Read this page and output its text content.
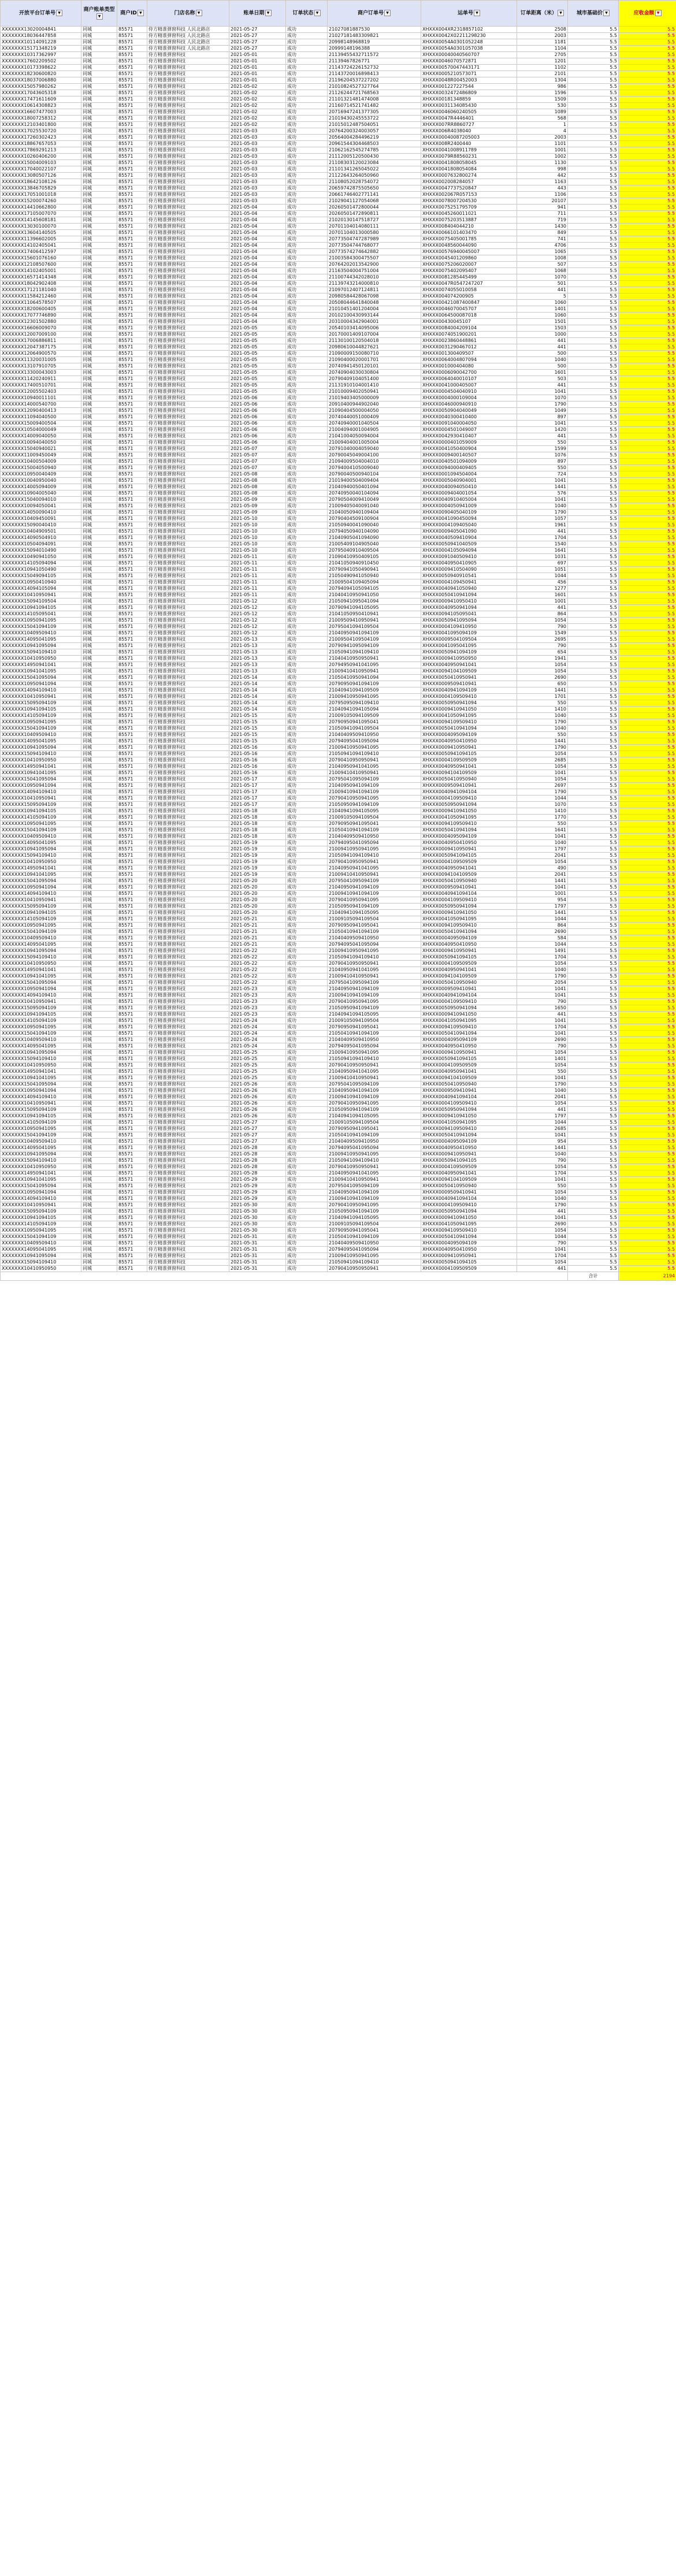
开放平台订单号 ▼	商户账单类型▼	商户ID ▼	门店名称 ▼	账单日期 ▼	订单状态 ▼	商户订单号 ▼	运单号 ▼	订单距离（米） ▼	城市基础价 ▼	应收金额 ▼
XXXXXXX13020004841	同城	85571	侍方精准弹窗科技 人民北路店	2021-05-27	成功	21027081887530	XHXXX004XR2318857102	2508	5.5	5.5
XXXXXXX18036447858	同城	85571	侍方精准弹窗科技 人民北路店	2021-05-27	成功	21027181483309821	XHXXX0042X02211298230	2003	5.5	5.5
XXXXXXX10114091228	同城	85571	侍方精准弹窗科技 人民北路店	2021-05-27	成功	20998148968819	XHXXX0054A0301052248	1181	5.5	5.5
XXXXXXX15171348219	同城	85571	侍方精准弹窗科技 人民北路店	2021-05-27	成功	20999148196388	XHXXX0054A0301057038	1104	5.5	5.5
XXXXXXX10317362997	同城	85571	侍方精准弹窗科技	2021-05-01	成功	21139455432711572	XHXXX00040040560707	2705	5.5	5.5
XXXXXXX17602209502	同城	85571	侍方精准弹窗科技	2021-05-01	成功	21139467826771	XHXXX0046070572871	1201	5.5	5.5
XXXXXXX10173398622	同城	85571	侍方精准弹窗科技	2021-05-01	成功	21143724226152732	XHXXX00570047443171	1102	5.5	5.5
XXXXXXX18230600820	同城	85571	侍方精准弹窗科技	2021-05-01	成功	21143720016898413	XHXXX0005210573071	2101	5.5	5.5
XXXXXXX18037006880	同城	85571	侍方精准弹窗科技	2021-05-01	成功	21196204537227202	XHXXX0048R00452003	1304	5.5	5.5
XXXXXXX15057980262	同城	85571	侍方精准弹窗科技	2021-05-02	成功	21010824527327764	XHXXX001227227544	986	5.5	5.5
XXXXXXX17043605318	同城	85571	侍方精准弹窗科技	2021-05-02	成功	21126244721768563	XHXXX0032472486809	1596	5.5	5.5
XXXXXXX17471611609	同城	85571	侍方精准弹窗科技	2021-05-02	成功	21101321481474008	XHXXX00181348859	1509	5.5	5.5
XXXXXXX10614308823	同城	85571	侍方精准弹窗科技	2021-05-02	成功	21160714521741482	XHXXX0031134085430	530	5.5	5.5
XXXXXXX16607477003	同城	85571	侍方精准弹窗科技	2021-05-02	成功	20716947241377305	XHXXX0046060240505	1089	5.5	5.5
XXXXXXX18007258312	同城	85571	侍方精准弹窗科技	2021-05-02	成功	21019430245553722	XHXXX0047R4446401	568	5.5	5.5
XXXXXXX12103401800	同城	85571	侍方精准弹窗科技	2021-05-02	成功	21015012487504051	XHXXX007RR8860727	1	5.5	5.5
XXXXXXX17025530720	同城	85571	侍方精准弹窗科技	2021-05-03	成功	20764200324003057	XHXXX006R4038040	4	5.5	5.5
XXXXXXX17260302423	同城	85571	侍方精准弹窗科技	2021-05-03	成功	20564004284496219	XHXXX00040087205003	2003	5.5	5.5
XXXXXXX18867657053	同城	85571	侍方精准弹窗科技	2021-05-03	成功	20961544304468503	XHXXX008R2400440	1101	5.5	5.5
XXXXXXX17869291213	同城	85571	侍方精准弹窗科技	2021-05-03	成功	21062162545274785	XHXXX0041008911789	1001	5.5	5.5
XXXXXXX10260406200	同城	85571	侍方精准弹窗科技	2021-05-03	成功	21112005120500430	XHXXX0079R88560231	1002	5.5	5.5
XXXXXXX15004009103	同城	85571	侍方精准弹窗科技	2021-05-03	成功	21108303120023084	XHXXX0041808058045	1130	5.5	5.5
XXXXXXX17040022107	同城	85571	侍方精准弹窗科技	2021-05-03	成功	21101341265045022	XHXXX0041808054084	998	5.5	5.5
XXXXXXX13080507126	同城	85571	侍方精准弹窗科技	2021-05-03	成功	21122643264050960	XHXXX0007632800274	442	5.5	5.5
XXXXXXX18642108126	同城	85571	侍方精准弹窗科技	2021-05-03	成功	21108052028754072	XHXXX002008284057	1163	5.5	5.5
XXXXXXX13846705829	同城	85571	侍方精准弹窗科技	2021-05-03	成功	20659742875505650	XHXXX0047737520847	443	5.5	5.5
XXXXXXX17051001018	同城	85571	侍方精准弹窗科技	2021-05-03	成功	20661746402771141	XHXXX002067R057153	1106	5.5	5.5
XXXXXXX15200074260	同城	85571	侍方精准弹窗科技	2021-05-03	成功	21029041127054068	XHXXX0078007204530	20107	5.5	5.5
XXXXXXX14410662800	同城	85571	侍方精准弹窗科技	2021-05-04	成功	20260501472800044	XHXXX0075251795709	941	5.5	5.5
XXXXXXX17105007070	同城	85571	侍方精准弹窗科技	2021-05-04	成功	20260501472890811	XHXXX0045260011021	711	5.5	5.5
XXXXXXX14145608181	同城	85571	侍方精准弹窗科技	2021-05-04	成功	21020130147518727	XHXXX0075203513887	719	5.5	5.5
XXXXXXX13030100070	同城	85571	侍方精准弹窗科技	2021-05-04	成功	20701104014080111	XHXXX008404044210	1430	5.5	5.5
XXXXXXX13604140505	同城	85571	侍方精准弹窗科技	2021-05-04	成功	20701104013000580	XHXXX0066101403470	849	5.5	5.5
XXXXXXX11396602005	同城	85571	侍方精准弹窗科技	2021-05-04	成功	20773504747287989	XHXXX0075405001785	741	5.5	5.5
XXXXXXX14102405041	同城	85571	侍方精准弹窗科技	2021-05-04	成功	20773504744768077	XHXXX0048560044090	4706	5.5	5.5
XXXXXXX17406412597	同城	85571	侍方精准弹窗科技	2021-05-04	成功	20773574274642882	XHXXX00576940045007	1065	5.5	5.5
XXXXXXX15601076160	同城	85571	侍方精准弹窗科技	2021-05-04	成功	21003584300475507	XHXXX0045401209860	1008	5.5	5.5
XXXXXXX12108507600	同城	85571	侍方精准弹窗科技	2021-05-04	成功	20764202013542900	XHXXX0075206020007	507	5.5	5.5
XXXXXXX14102405001	同城	85571	侍方精准弹窗科技	2021-05-04	成功	21163504004751004	XHXXX0075402095407	1068	5.5	5.5
XXXXXXX16571414348	同城	85571	侍方精准弹窗科技	2021-05-04	成功	21100744342028010	XHXXX0081285445499	1070	5.5	5.5
XXXXXXX18042902408	同城	85571	侍方精准弹窗科技	2021-05-04	成功	21139743214000810	XHXXX0047R0547247207	501	5.5	5.5
XXXXXXX17121181040	同城	85571	侍方精准弹窗科技	2021-05-04	成功	21097012407124811	XHXXX0074055010058	441	5.5	5.5
XXXXXXX11584212460	同城	85571	侍方精准弹窗科技	2021-05-04	成功	20980584428067098	XHXXX004074200905	5	5.5	5.5
XXXXXXX11064578507	同城	85571	侍方精准弹窗科技	2021-05-04	成功	20508044641840048	XHXXX00421087400847	1060	5.5	5.5
XXXXXXX18200600405	同城	85571	侍方精准弹窗科技	2021-05-04	成功	21010451401204004	XHXXX0046070045707	1401	5.5	5.5
XXXXXXX17077746890	同城	85571	侍方精准弹窗科技	2021-05-04	成功	20102100430993144	XHXXX0064500087018	1060	5.5	5.5
XXXXXXX12301502880	同城	85571	侍方精准弹窗科技	2021-05-04	成功	20310004342904001	XHXXX00430045107	1501	5.5	5.5
XXXXXXX16606009070	同城	85571	侍方精准弹窗科技	2021-05-05	成功	20540103414095006	XHXXX0084004209104	1503	5.5	5.5
XXXXXXX12007009100	同城	85571	侍方精准弹窗科技	2021-05-05	成功	20170001409107004	XHXXX0074051900201	1000	5.5	5.5
XXXXXXX17006886811	同城	85571	侍方精准弹窗科技	2021-05-05	成功	21130100120504018	XHXXX0023860448861	441	5.5	5.5
XXXXXXX12047387175	同城	85571	侍方精准弹窗科技	2021-05-05	成功	20980610044827621	XHXXX0031290467012	441	5.5	5.5
XXXXXXX12064900570	同城	85571	侍方精准弹窗科技	2021-05-05	成功	21090009150080710	XHXXX001300409507	500	5.5	5.5
XXXXXXX11320031005	同城	85571	侍方精准弹窗科技	2021-05-05	成功	21090400020001701	XHXXX0064004807094	1040	5.5	5.5
XXXXXXX13107910705	同城	85571	侍方精准弹窗科技	2021-05-05	成功	20740941450120101	XHXXX001000404080	500	5.5	5.5
XXXXXXX13300043003	同城	85571	侍方精准弹窗科技	2021-05-05	成功	20740904030030804	XHXXX0006090042700	1601	5.5	5.5
XXXXXXX11420240911	同城	85571	侍方精准弹窗科技	2021-05-05	成功	20790409104051400	XHXXX0064040010107	503	5.5	5.5
XXXXXXX17400510701	同城	85571	侍方精准弹窗科技	2021-05-05	成功	21131910104001410	XHXXX0041000405007	441	5.5	5.5
XXXXXXX12005502403	同城	85571	侍方精准弹窗科技	2021-05-05	成功	21010009402050941	XHXXX0004504040910	1041	5.5	5.5
XXXXXXX10940011101	同城	85571	侍方精准弹窗科技	2021-05-06	成功	21019403405000009	XHXXX0004000109004	1070	5.5	5.5
XXXXXXX14000540700	同城	85571	侍方精准弹窗科技	2021-05-06	成功	20910400944902040	XHXXX0046000940910	1790	5.5	5.5
XXXXXXX12090400413	同城	85571	侍方精准弹窗科技	2021-05-06	成功	21090404500004050	XHXXX0050904040049	1049	5.5	5.5
XXXXXXX11094040500	同城	85571	侍方精准弹窗科技	2021-05-06	成功	20740440051000409	XHXXX0040300410400	897	5.5	5.5
XXXXXXX15009400504	同城	85571	侍方精准弹窗科技	2021-05-06	成功	20740940001040504	XHXXX0091040004050	1041	5.5	5.5
XXXXXXX10504000049	同城	85571	侍方精准弹窗科技	2021-05-06	成功	21004094001004905	XHXXX0004501049007	1420	5.5	5.5
XXXXXXX14009040050	同城	85571	侍方精准弹窗科技	2021-05-06	成功	21041004050094004	XHXXX0042930410407	441	5.5	5.5
XXXXXXX10094040050	同城	85571	侍方精准弹窗科技	2021-05-06	成功	21009404001005004	XHXXX0000401059009	550	5.5	5.5
XXXXXXX15040940021	同城	85571	侍方精准弹窗科技	2021-05-07	成功	20791040004059040	XHXXX0041050400904	1599	5.5	5.5
XXXXXXX11009450049	同城	85571	侍方精准弹窗科技	2021-05-07	成功	20790045049004100	XHXXX0009400140507	1076	5.5	5.5
XXXXXXX10400504009	同城	85571	侍方精准弹窗科技	2021-05-07	成功	21094009504004010	XHXXX0040501094009	897	5.5	5.5
XXXXXXX15004050940	同城	85571	侍方精准弹窗科技	2021-05-07	成功	20794004105009040	XHXXX0094000409405	550	5.5	5.5
XXXXXXX10950040409	同城	85571	侍方精准弹窗科技	2021-05-08	成功	20790040500940104	XHXXX0001094504004	724	5.5	5.5
XXXXXXX10040950040	同城	85571	侍方精准弹窗科技	2021-05-08	成功	21019400504009404	XHXXX0005040904001	1041	5.5	5.5
XXXXXXX14005094009	同城	85571	侍方精准弹窗科技	2021-05-08	成功	21040940050401094	XHXXX0040094050410	1441	5.5	5.5
XXXXXXX10904005040	同城	85571	侍方精准弹窗科技	2021-05-08	成功	20740950040104094	XHXXX0009404001054	576	5.5	5.5
XXXXXXX15040094010	同城	85571	侍方精准弹窗科技	2021-05-09	成功	20790504009410049	XHXXX0040910405004	1041	5.5	5.5
XXXXXXX10094050041	同城	85571	侍方精准弹窗科技	2021-05-09	成功	21009405040091040	XHXXX0004050941009	1040	5.5	5.5
XXXXXXX14050090410	同城	85571	侍方精准弹窗科技	2021-05-09	成功	21040050940109404	XHXXX0090405040109	1790	5.5	5.5
XXXXXXX10409450091	同城	85571	侍方精准弹窗科技	2021-05-10	成功	20790404509100904	XHXXX0041090450094	1057	5.5	5.5
XXXXXXX15090040410	同城	85571	侍方精准弹窗科技	2021-05-10	成功	21050940041090040	XHXXX0004109405040	1961	5.5	5.5
XXXXXXX10404909501	同城	85571	侍方精准弹窗科技	2021-05-10	成功	20794050940104090	XHXXX0009405041090	441	5.5	5.5
XXXXXXX14090504910	同城	85571	侍方精准弹窗科技	2021-05-10	成功	21040905041094090	XHXXX0040509410904	1704	5.5	5.5
XXXXXXX10504094091	同城	85571	侍方精准弹窗科技	2021-05-10	成功	21005409104905040	XHXXX0050941040509	1540	5.5	5.5
XXXXXXX15094010490	同城	85571	侍方精准弹窗科技	2021-05-10	成功	20795040910409504	XHXXX0004105094094	1641	5.5	5.5
XXXXXXX10490941050	同城	85571	侍方精准弹窗科技	2021-05-11	成功	21090410950409105	XHXXX0091040509410	1031	5.5	5.5
XXXXXXX14105094094	同城	85571	侍方精准弹窗科技	2021-05-11	成功	21041050940910450	XHXXX0040950410905	697	5.5	5.5
XXXXXXX10941050490	同城	85571	侍方精准弹窗科技	2021-05-11	成功	20790941050490941	XHXXX0009410504090	1051	5.5	5.5
XXXXXXX15049094105	同城	85571	侍方精准弹窗科技	2021-05-11	成功	21050490941050940	XHXXX0050940910541	1044	5.5	5.5
XXXXXXX10950410940	同城	85571	侍方精准弹窗科技	2021-05-11	成功	21009504109405094	XHXXX0004109450941	456	5.5	5.5
XXXXXXX14094105094	同城	85571	侍方精准弹窗科技	2021-05-11	成功	20794094105094105	XHXXX0040941050940	1277	5.5	5.5
XXXXXXX10410950941	同城	85571	侍方精准弹窗科技	2021-05-11	成功	21040410950941050	XHXXX0050410941094	1601	5.5	5.5
XXXXXXX15094109504	同城	85571	侍方精准弹窗科技	2021-05-12	成功	21050941095041094	XHXXX0009410950410	1001	5.5	5.5
XXXXXXX10941094105	同城	85571	侍方精准弹窗科技	2021-05-12	成功	20790941094105095	XHXXX0040950941094	441	5.5	5.5
XXXXXXX14105095041	同城	85571	侍方精准弹窗科技	2021-05-12	成功	21041050950410941	XHXXX0094105095041	864	5.5	5.5
XXXXXXX10950941095	同城	85571	侍方精准弹窗科技	2021-05-12	成功	21009509410950941	XHXXX0050941095094	1054	5.5	5.5
XXXXXXX15041094109	同城	85571	侍方精准弹窗科技	2021-05-12	成功	20795041094109504	XHXXX0004109410950	790	5.5	5.5
XXXXXXX10409509410	同城	85571	侍方精准弹窗科技	2021-05-12	成功	21040950941094109	XHXXX0041095094109	1549	5.5	5.5
XXXXXXX14095041095	同城	85571	侍方精准弹窗科技	2021-05-13	成功	21009504109504109	XHXXX0009504109504	2695	5.5	5.5
XXXXXXX10941095094	同城	85571	侍方精准弹窗科技	2021-05-13	成功	20790941095094109	XHXXX0041095041095	790	5.5	5.5
XXXXXXX15094109410	同城	85571	侍方精准弹窗科技	2021-05-13	成功	21050941094109410	XHXXX0050941094109	654	5.5	5.5
XXXXXXX10410950950	同城	85571	侍方精准弹窗科技	2021-05-13	成功	21040410950950941	XHXXX0009410950950	1941	5.5	5.5
XXXXXXX14950941041	同城	85571	侍方精准弹窗科技	2021-05-13	成功	20794950941041095	XHXXX0040950941041	1054	5.5	5.5
XXXXXXX10941041095	同城	85571	侍方精准弹窗科技	2021-05-13	成功	21009410410950941	XHXXX0094104109509	1054	5.5	5.5
XXXXXXX15041095094	同城	85571	侍方精准弹窗科技	2021-05-14	成功	21050410950941094	XHXXX0050410950941	2690	5.5	5.5
XXXXXXX10950941094	同城	85571	侍方精准弹窗科技	2021-05-14	成功	20790950941094109	XHXXX0009509410941	650	5.5	5.5
XXXXXXX14094109410	同城	85571	侍方精准弹窗科技	2021-05-14	成功	21040941094109509	XHXXX0040941094109	1441	5.5	5.5
XXXXXXX10410950941	同城	85571	侍方精准弹窗科技	2021-05-14	成功	21009410950941095	XHXXX0004109509410	1701	5.5	5.5
XXXXXXX15095094109	同城	85571	侍方精准弹窗科技	2021-05-14	成功	20795095094109410	XHXXX0050950941094	550	5.5	5.5
XXXXXXX10941094105	同城	85571	侍方精准弹窗科技	2021-05-14	成功	21040941094105094	XHXXX0009410941050	1410	5.5	5.5
XXXXXXX14105094109	同城	85571	侍方精准弹窗科技	2021-05-15	成功	21009105094109509	XHXXX0041050941095	1040	5.5	5.5
XXXXXXX10950941095	同城	85571	侍方精准弹窗科技	2021-05-15	成功	20790950941095041	XHXXX0094109509410	1790	5.5	5.5
XXXXXXX15041094109	同城	85571	侍方精准弹窗科技	2021-05-15	成功	21050941094109504	XHXXX0050410941094	1040	5.5	5.5
XXXXXXX10409509410	同城	85571	侍方精准弹窗科技	2021-05-15	成功	21040409509410950	XHXXX0004095094109	550	5.5	5.5
XXXXXXX14095041095	同城	85571	侍方精准弹窗科技	2021-05-15	成功	20794095041095094	XHXXX0040950410950	1441	5.5	5.5
XXXXXXX10941095094	同城	85571	侍方精准弹窗科技	2021-05-16	成功	21009410950941095	XHXXX0009410950941	1790	5.5	5.5
XXXXXXX15094109410	同城	85571	侍方精准弹窗科技	2021-05-16	成功	21050941094109410	XHXXX0050941094105	1054	5.5	5.5
XXXXXXX10410950950	同城	85571	侍方精准弹窗科技	2021-05-16	成功	20790410950950941	XHXXX0004109509509	2685	5.5	5.5
XXXXXXX14950941041	同城	85571	侍方精准弹窗科技	2021-05-16	成功	21040950941041095	XHXXX0040950941041	1054	5.5	5.5
XXXXXXX10941041095	同城	85571	侍方精准弹窗科技	2021-05-16	成功	21009410410950941	XHXXX0094104109509	1041	5.5	5.5
XXXXXXX15041095094	同城	85571	侍方精准弹窗科技	2021-05-17	成功	20795041095094109	XHXXX0050410950940	1054	5.5	5.5
XXXXXXX10950941094	同城	85571	侍方精准弹窗科技	2021-05-17	成功	21040950941094109	XHXXX0009509410941	2697	5.5	5.5
XXXXXXX14094109410	同城	85571	侍方精准弹窗科技	2021-05-17	成功	21009410941094109	XHXXX0040941094104	1790	5.5	5.5
XXXXXXX10410950941	同城	85571	侍方精准弹窗科技	2021-05-17	成功	20790410950941095	XHXXX0004109509410	1044	5.5	5.5
XXXXXXX15095094109	同城	85571	侍方精准弹窗科技	2021-05-17	成功	21050950941094109	XHXXX0050950941094	1070	5.5	5.5
XXXXXXX10941094105	同城	85571	侍方精准弹窗科技	2021-05-18	成功	21040941094105095	XHXXX0009410941050	1410	5.5	5.5
XXXXXXX14105094109	同城	85571	侍方精准弹窗科技	2021-05-18	成功	21009105094109504	XHXXX0041050941095	1770	5.5	5.5
XXXXXXX10950941095	同城	85571	侍方精准弹窗科技	2021-05-18	成功	20790950941095041	XHXXX0094109509410	550	5.5	5.5
XXXXXXX15041094109	同城	85571	侍方精准弹窗科技	2021-05-18	成功	21050410941094109	XHXXX0050410941094	1641	5.5	5.5
XXXXXXX10409509410	同城	85571	侍方精准弹窗科技	2021-05-18	成功	21040409509410950	XHXXX0004095094109	1041	5.5	5.5
XXXXXXX14095041095	同城	85571	侍方精准弹窗科技	2021-05-19	成功	20794095041095094	XHXXX0040950410950	1040	5.5	5.5
XXXXXXX10941095094	同城	85571	侍方精准弹窗科技	2021-05-19	成功	21009410950941095	XHXXX0009410950941	1797	5.5	5.5
XXXXXXX15094109410	同城	85571	侍方精准弹窗科技	2021-05-19	成功	21050941094109410	XHXXX0050941094105	2041	5.5	5.5
XXXXXXX10410950950	同城	85571	侍方精准弹窗科技	2021-05-19	成功	20790410950950941	XHXXX0004109509509	1054	5.5	5.5
XXXXXXX14950941041	同城	85571	侍方精准弹窗科技	2021-05-19	成功	21040950941041095	XHXXX0040950941041	490	5.5	5.5
XXXXXXX10941041095	同城	85571	侍方精准弹窗科技	2021-05-19	成功	21009410410950941	XHXXX0094104109509	2041	5.5	5.5
XXXXXXX15041095094	同城	85571	侍方精准弹窗科技	2021-05-20	成功	20795041095094109	XHXXX0050410950940	1441	5.5	5.5
XXXXXXX10950941094	同城	85571	侍方精准弹窗科技	2021-05-20	成功	21040950941094109	XHXXX0009509410941	1041	5.5	5.5
XXXXXXX14094109410	同城	85571	侍方精准弹窗科技	2021-05-20	成功	21009410941094109	XHXXX0040941094104	1001	5.5	5.5
XXXXXXX10410950941	同城	85571	侍方精准弹窗科技	2021-05-20	成功	20790410950941095	XHXXX0004109509410	954	5.5	5.5
XXXXXXX15095094109	同城	85571	侍方精准弹窗科技	2021-05-20	成功	21050950941094109	XHXXX0050950941094	1797	5.5	5.5
XXXXXXX10941094105	同城	85571	侍方精准弹窗科技	2021-05-20	成功	21040941094105095	XHXXX0009410941050	1441	5.5	5.5
XXXXXXX14105094109	同城	85571	侍方精准弹窗科技	2021-05-21	成功	21009105094109504	XHXXX0041050941095	1044	5.5	5.5
XXXXXXX10950941095	同城	85571	侍方精准弹窗科技	2021-05-21	成功	20790950941095041	XHXXX0094109509410	864	5.5	5.5
XXXXXXX15041094109	同城	85571	侍方精准弹窗科技	2021-05-21	成功	21050410941094109	XHXXX0050410941094	2690	5.5	5.5
XXXXXXX10409509410	同城	85571	侍方精准弹窗科技	2021-05-21	成功	21040409509410950	XHXXX0004095094109	584	5.5	5.5
XXXXXXX14095041095	同城	85571	侍方精准弹窗科技	2021-05-21	成功	20794095041095094	XHXXX0040950410950	1044	5.5	5.5
XXXXXXX10941095094	同城	85571	侍方精准弹窗科技	2021-05-22	成功	21009410950941095	XHXXX0009410950941	1491	5.5	5.5
XXXXXXX15094109410	同城	85571	侍方精准弹窗科技	2021-05-22	成功	21050941094109410	XHXXX0050941094105	1704	5.5	5.5
XXXXXXX10410950950	同城	85571	侍方精准弹窗科技	2021-05-22	成功	20790410950950941	XHXXX0004109509509	1054	5.5	5.5
XXXXXXX14950941041	同城	85571	侍方精准弹窗科技	2021-05-22	成功	21040950941041095	XHXXX0040950941041	1040	5.5	5.5
XXXXXXX10941041095	同城	85571	侍方精准弹窗科技	2021-05-22	成功	21009410410950941	XHXXX0094104109509	1790	5.5	5.5
XXXXXXX15041095094	同城	85571	侍方精准弹窗科技	2021-05-22	成功	20795041095094109	XHXXX0050410950940	2054	5.5	5.5
XXXXXXX10950941094	同城	85571	侍方精准弹窗科技	2021-05-23	成功	21040950941094109	XHXXX0009509410941	1041	5.5	5.5
XXXXXXX14094109410	同城	85571	侍方精准弹窗科技	2021-05-23	成功	21009410941094109	XHXXX0040941094104	1041	5.5	5.5
XXXXXXX10410950941	同城	85571	侍方精准弹窗科技	2021-05-23	成功	20790410950941095	XHXXX0004109509410	790	5.5	5.5
XXXXXXX15095094109	同城	85571	侍方精准弹窗科技	2021-05-23	成功	21050950941094109	XHXXX0050950941094	1650	5.5	5.5
XXXXXXX10941094105	同城	85571	侍方精准弹窗科技	2021-05-23	成功	21040941094105095	XHXXX0009410941050	441	5.5	5.5
XXXXXXX14105094109	同城	85571	侍方精准弹窗科技	2021-05-24	成功	21009105094109504	XHXXX0041050941095	1041	5.5	5.5
XXXXXXX10950941095	同城	85571	侍方精准弹窗科技	2021-05-24	成功	20790950941095041	XHXXX0094109509410	1704	5.5	5.5
XXXXXXX15041094109	同城	85571	侍方精准弹窗科技	2021-05-24	成功	21050410941094109	XHXXX0050410941094	1041	5.5	5.5
XXXXXXX10409509410	同城	85571	侍方精准弹窗科技	2021-05-24	成功	21040409509410950	XHXXX0004095094109	2690	5.5	5.5
XXXXXXX14095041095	同城	85571	侍方精准弹窗科技	2021-05-24	成功	20794095041095094	XHXXX0040950410950	790	5.5	5.5
XXXXXXX10941095094	同城	85571	侍方精准弹窗科技	2021-05-25	成功	21009410950941095	XHXXX0009410950941	1054	5.5	5.5
XXXXXXX15094109410	同城	85571	侍方精准弹窗科技	2021-05-25	成功	21050941094109410	XHXXX0050941094105	1401	5.5	5.5
XXXXXXX10410950950	同城	85571	侍方精准弹窗科技	2021-05-25	成功	20790410950950941	XHXXX0004109509509	1054	5.5	5.5
XXXXXXX14950941041	同城	85571	侍方精准弹窗科技	2021-05-25	成功	21040950941041095	XHXXX0040950941041	550	5.5	5.5
XXXXXXX10941041095	同城	85571	侍方精准弹窗科技	2021-05-25	成功	21009410410950941	XHXXX0094104109509	1041	5.5	5.5
XXXXXXX15041095094	同城	85571	侍方精准弹窗科技	2021-05-26	成功	20795041095094109	XHXXX0050410950940	1790	5.5	5.5
XXXXXXX10950941094	同城	85571	侍方精准弹窗科技	2021-05-26	成功	21040950941094109	XHXXX0009509410941	1040	5.5	5.5
XXXXXXX14094109410	同城	85571	侍方精准弹窗科技	2021-05-26	成功	21009410941094109	XHXXX0040941094104	2041	5.5	5.5
XXXXXXX10410950941	同城	85571	侍方精准弹窗科技	2021-05-26	成功	20790410950941095	XHXXX0004109509410	1054	5.5	5.5
XXXXXXX15095094109	同城	85571	侍方精准弹窗科技	2021-05-26	成功	21050950941094109	XHXXX0050950941094	441	5.5	5.5
XXXXXXX10941094105	同城	85571	侍方精准弹窗科技	2021-05-26	成功	21040941094105095	XHXXX0009410941050	1797	5.5	5.5
XXXXXXX14105094109	同城	85571	侍方精准弹窗科技	2021-05-27	成功	21009105094109504	XHXXX0041050941095	1044	5.5	5.5
XXXXXXX10950941095	同城	85571	侍方精准弹窗科技	2021-05-27	成功	20790950941095041	XHXXX0094109509410	2685	5.5	5.5
XXXXXXX15041094109	同城	85571	侍方精准弹窗科技	2021-05-27	成功	21050410941094109	XHXXX0050410941094	1041	5.5	5.5
XXXXXXX10409509410	同城	85571	侍方精准弹窗科技	2021-05-27	成功	21040409509410950	XHXXX0004095094109	954	5.5	5.5
XXXXXXX14095041095	同城	85571	侍方精准弹窗科技	2021-05-28	成功	20794095041095094	XHXXX0040950410950	1441	5.5	5.5
XXXXXXX10941095094	同城	85571	侍方精准弹窗科技	2021-05-28	成功	21009410950941095	XHXXX0009410950941	1040	5.5	5.5
XXXXXXX15094109410	同城	85571	侍方精准弹窗科技	2021-05-28	成功	21050941094109410	XHXXX0050941094105	790	5.5	5.5
XXXXXXX10410950950	同城	85571	侍方精准弹窗科技	2021-05-28	成功	20790410950950941	XHXXX0004109509509	1054	5.5	5.5
XXXXXXX14950941041	同城	85571	侍方精准弹窗科技	2021-05-28	成功	21040950941041095	XHXXX0040950941041	1704	5.5	5.5
XXXXXXX10941041095	同城	85571	侍方精准弹窗科技	2021-05-29	成功	21009410410950941	XHXXX0094104109509	1041	5.5	5.5
XXXXXXX15041095094	同城	85571	侍方精准弹窗科技	2021-05-29	成功	20795041095094109	XHXXX0050410950940	550	5.5	5.5
XXXXXXX10950941094	同城	85571	侍方精准弹窗科技	2021-05-29	成功	21040950941094109	XHXXX0009509410941	1054	5.5	5.5
XXXXXXX14094109410	同城	85571	侍方精准弹窗科技	2021-05-29	成功	21009410941094109	XHXXX0040941094104	1040	5.5	5.5
XXXXXXX10410950941	同城	85571	侍方精准弹窗科技	2021-05-30	成功	20790410950941095	XHXXX0004109509410	1790	5.5	5.5
XXXXXXX15095094109	同城	85571	侍方精准弹窗科技	2021-05-30	成功	21050950941094109	XHXXX0050950941094	441	5.5	5.5
XXXXXXX10941094105	同城	85571	侍方精准弹窗科技	2021-05-30	成功	21040941094105095	XHXXX0009410941050	1041	5.5	5.5
XXXXXXX14105094109	同城	85571	侍方精准弹窗科技	2021-05-30	成功	21009105094109504	XHXXX0041050941095	2690	5.5	5.5
XXXXXXX10950941095	同城	85571	侍方精准弹窗科技	2021-05-30	成功	20790950941095041	XHXXX0094109509410	1054	5.5	5.5
XXXXXXX15041094109	同城	85571	侍方精准弹窗科技	2021-05-31	成功	21050410941094109	XHXXX0050410941094	1044	5.5	5.5
XXXXXXX10409509410	同城	85571	侍方精准弹窗科技	2021-05-31	成功	21040409509410950	XHXXX0004095094109	790	5.5	5.5
XXXXXXX14095041095	同城	85571	侍方精准弹窗科技	2021-05-31	成功	20794095041095094	XHXXX0040950410950	1041	5.5	5.5
XXXXXXX10941095094	同城	85571	侍方精准弹窗科技	2021-05-31	成功	21009410950941095	XHXXX0009410950941	1704	5.5	5.5
XXXXXXX15094109410	同城	85571	侍方精准弹窗科技	2021-05-31	成功	21050941094109410	XHXXX0050941094105	1054	5.5	5.5
XXXXXXX10410950950	同城	85571	侍方精准弹窗科技	2021-05-31	成功	20790410950950941	XHXXX0004109509509	441	5.5	5.5
									合计	2194
